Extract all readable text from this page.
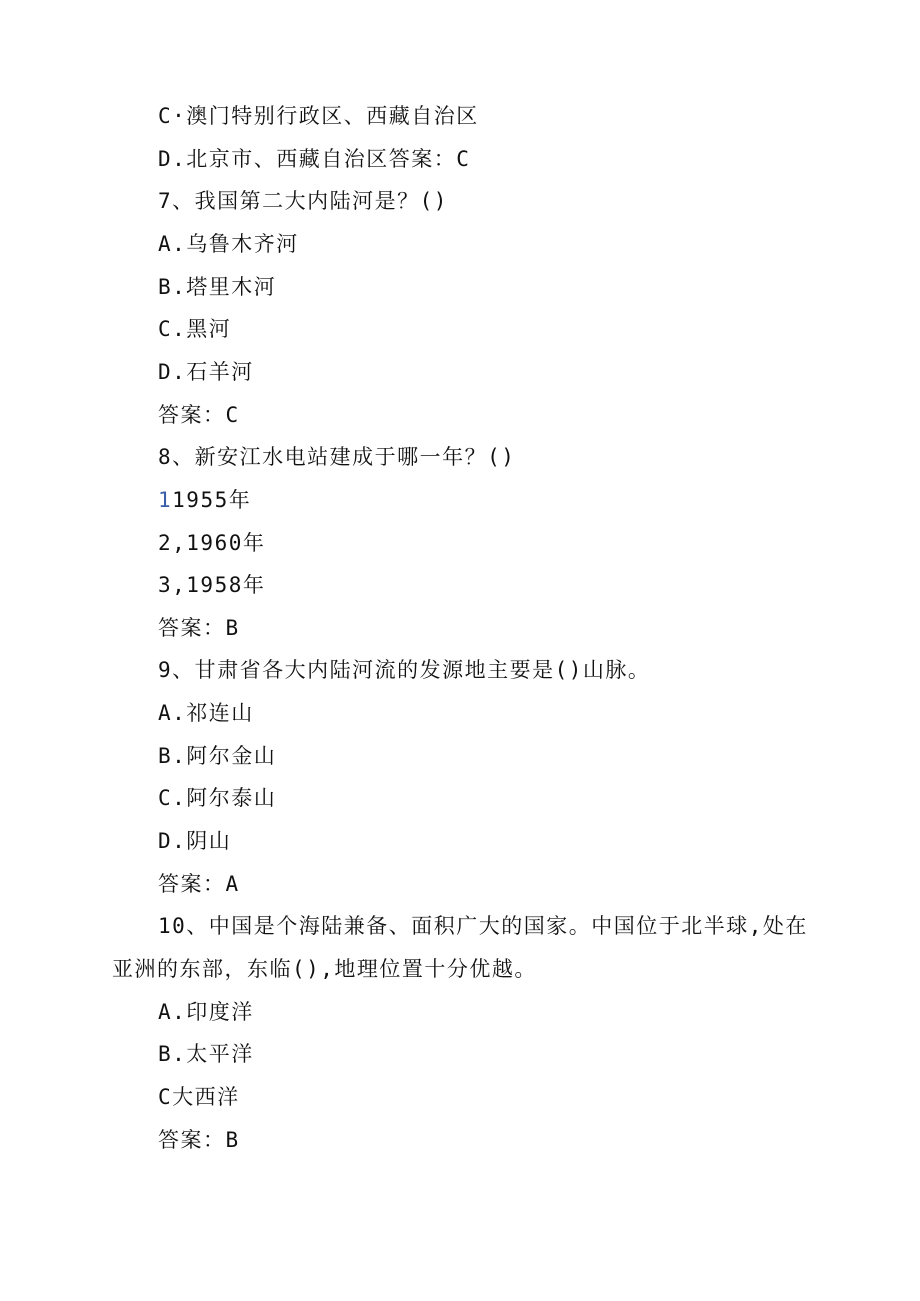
C·澳门特别行政区、西藏自治区
D.北京市、西藏自治区答案：C
7、我国第二大内陆河是？()
A.乌鲁木齐河
B.塔里木河
C.黑河
D.石羊河
答案：C
8、新安江水电站建成于哪一年？()
11955年
2,1960年
3,1958年
答案：B
9、甘肃省各大内陆河流的发源地主要是()山脉。
A.祁连山
B.阿尔金山
C.阿尔泰山
D.阴山
答案：A
10、中国是个海陆兼备、面积广大的国家。中国位于北半球,处在
亚洲的东部，东临(),地理位置十分优越。
A.印度洋
B.太平洋
C大西洋
答案：B
